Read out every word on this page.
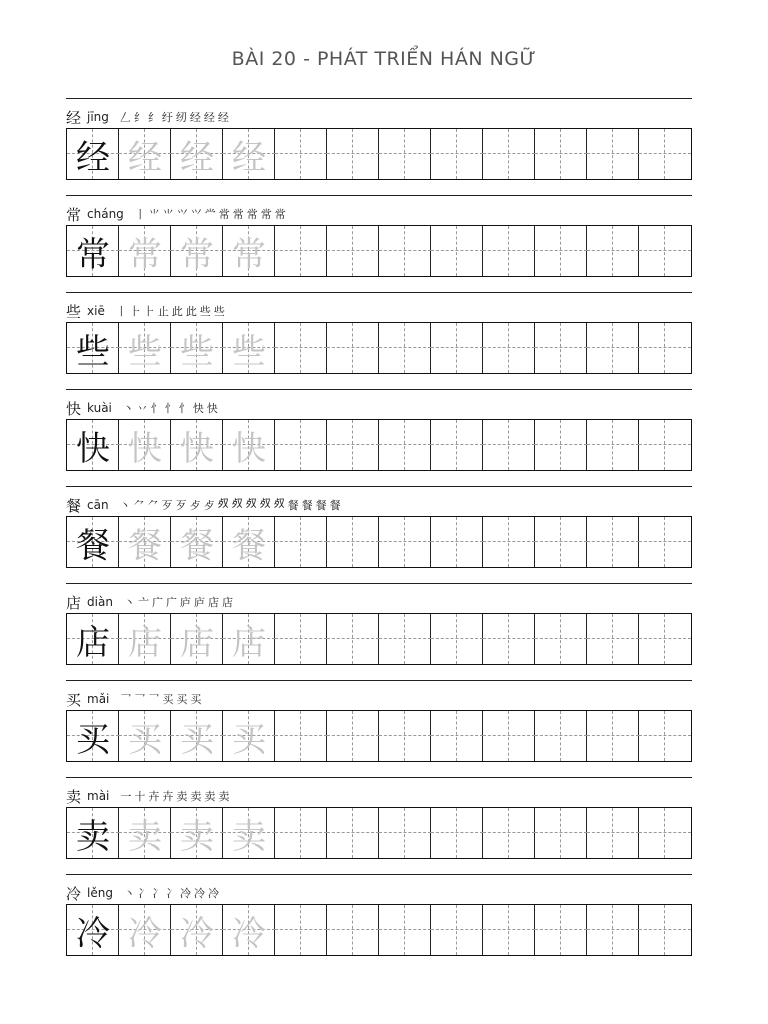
BÀI 20 - PHÁT TRIỂN HÁN NGỮ
经 jīng 𠃋 纟 纟 纡 纫 经 经 经
经 经 经 经
常 cháng 丨 ⺌ ⺌ ⺍ ⺍ 龸 常 常 常 常 常
常 常 常 常
些 xiē 丨 ⺊ ⺊ 止 此 此 些 些
些 些 些 些
快 kuài 丶 丷 忄 忄 忄 快 快
快 快 快 快
餐 cān 丶 ⺈ ⺈ 歹 歹 歺 歺 𣦼 𣦼 𣦼 𣦼 𣦼 餐 餐 餐 餐
餐 餐 餐 餐
店 diàn 丶 亠 广 广 庐 庐 店 店
店 店 店 店
买 mǎi 乛 乛 乛 买 买 买
买 买 买 买
卖 mài 一 十 卉 卉 卖 卖 卖 卖
卖 卖 卖 卖
冷 lěng 丶 冫 冫 冫 冷 冷 冷
冷 冷 冷 冷
